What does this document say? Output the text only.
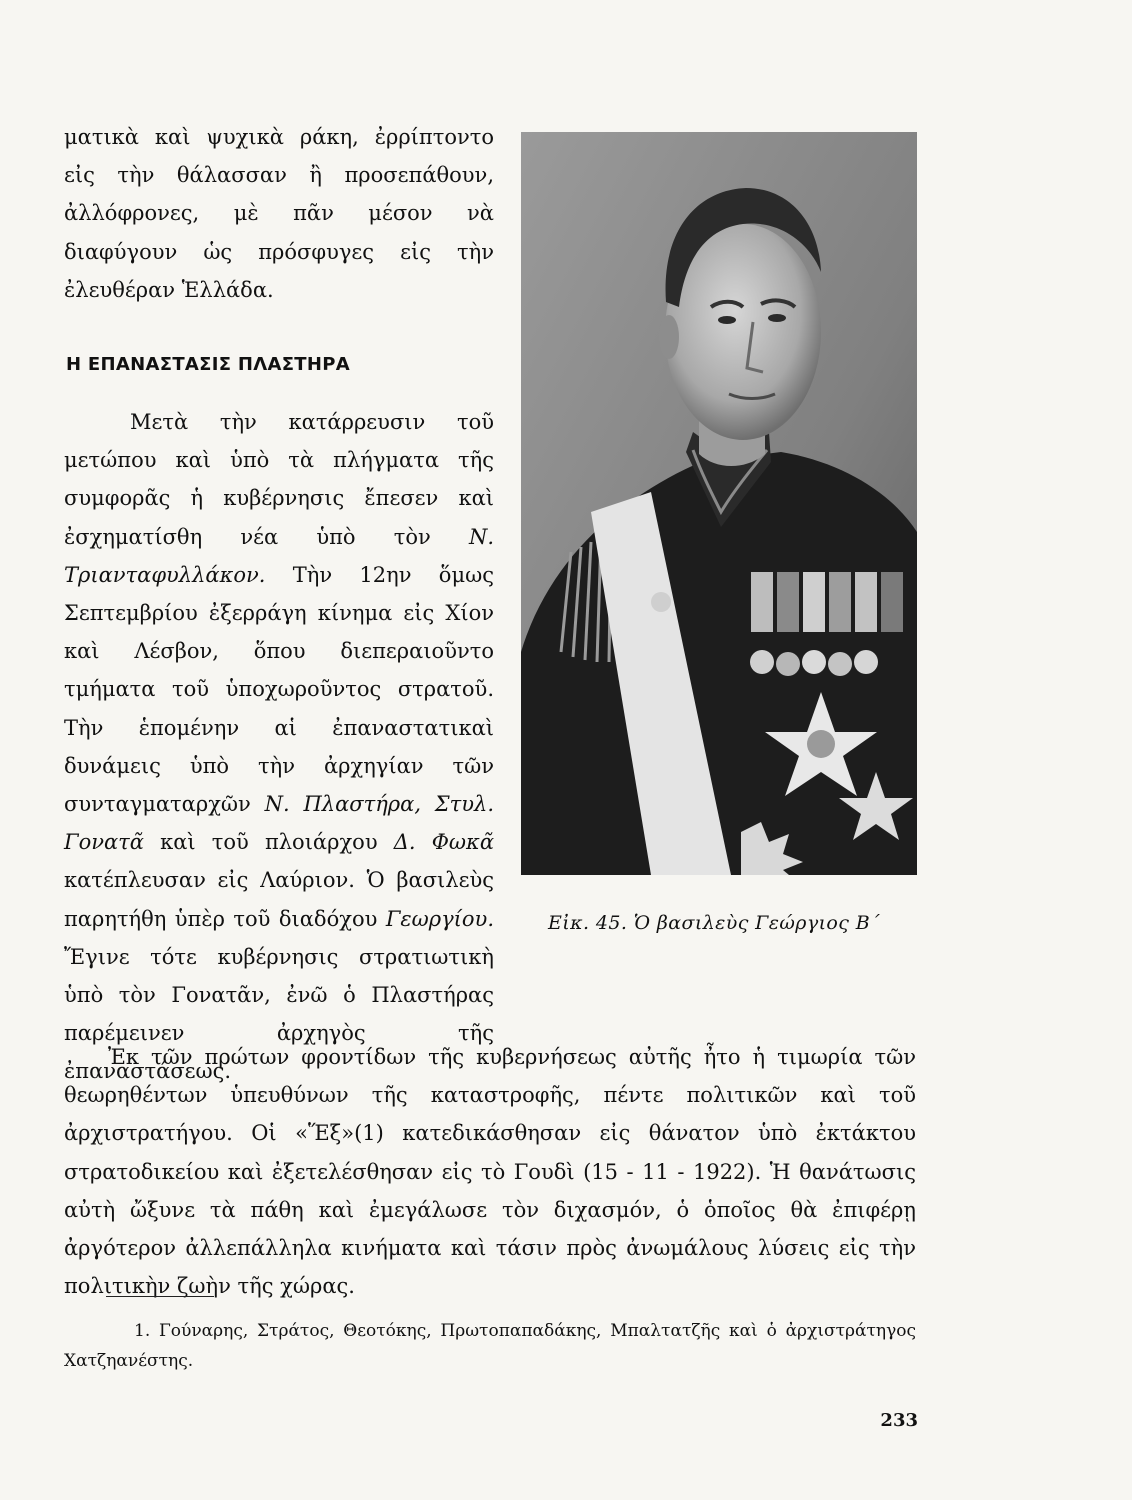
ματικὰ καὶ ψυχικὰ ράκη, ἐρρίπτοντο εἰς τὴν θάλασσαν ἢ προσεπάθουν, ἀλλόφρονες, μὲ πᾶν μέσον νὰ διαφύγουν ὡς πρόσφυγες εἰς τὴν ἐλευθέραν Ἑλλάδα.

Η ΕΠΑΝΑΣΤΑΣΙΣ ΠΛΑΣΤΗΡΑ

Μετὰ τὴν κατάρρευσιν τοῦ μετώπου καὶ ὑπὸ τὰ πλήγματα τῆς συμφορᾶς ἡ κυβέρνησις ἔπεσεν καὶ ἐσχηματίσθη νέα ὑπὸ τὸν Ν. Τριανταφυλλάκον. Τὴν 12ην ὅμως Σεπτεμβρίου ἐξερράγη κίνημα εἰς Χίον καὶ Λέσβον, ὅπου διεπεραιοῦντο τμήματα τοῦ ὑποχωροῦντος στρατοῦ. Τὴν ἑπομένην αἱ ἐπαναστατικαὶ δυνάμεις ὑπὸ τὴν ἀρχηγίαν τῶν συνταγματαρχῶν Ν. Πλαστήρα, Στυλ. Γονατᾶ καὶ τοῦ πλοιάρχου Δ. Φωκᾶ κατέπλευσαν εἰς Λαύριον. Ὁ βασιλεὺς παρητήθη ὑπὲρ τοῦ διαδόχου Γεωργίου. Ἔγινε τότε κυβέρνησις στρατιωτικὴ ὑπὸ τὸν Γονατᾶν, ἐνῶ ὁ Πλαστήρας παρέμεινεν ἀρχηγὸς τῆς ἐπαναστάσεως.

Εἰκ. 45. Ὁ βασιλεὺς Γεώργιος Β΄

Ἐκ τῶν πρώτων φροντίδων τῆς κυβερνήσεως αὐτῆς ἦτο ἡ τιμωρία τῶν θεωρηθέντων ὑπευθύνων τῆς καταστροφῆς, πέντε πολιτικῶν καὶ τοῦ ἀρχιστρατήγου. Οἱ «Ἕξ»(1) κατεδικάσθησαν εἰς θάνατον ὑπὸ ἐκτάκτου στρατοδικείου καὶ ἐξετελέσθησαν εἰς τὸ Γουδὶ (15 - 11 - 1922). Ἡ θανάτωσις αὐτὴ ὤξυνε τὰ πάθη καὶ ἐμεγάλωσε τὸν διχασμόν, ὁ ὁποῖος θὰ ἐπιφέρῃ ἀργότερον ἀλλεπάλληλα κινήματα καὶ τάσιν πρὸς ἀνωμάλους λύσεις εἰς τὴν πολιτικὴν ζωὴν τῆς χώρας.

1. Γούναρης, Στράτος, Θεοτόκης, Πρωτοπαπαδάκης, Μπαλτατζῆς καὶ ὁ ἀρχιστράτηγος Χατζηανέστης.

233
